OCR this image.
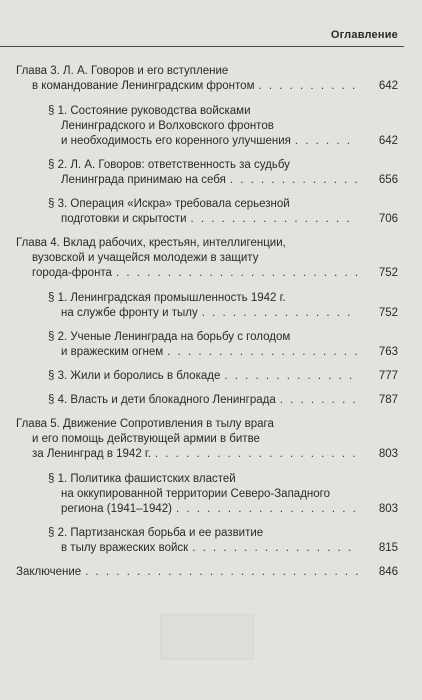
Оглавление
Глава 3. Л. А. Говоров и его вступление
в командование Ленинградским фронтом . . .	642
§ 1. Состояние руководства войсками
Ленинградского и Волховского фронтов
и необходимость его коренного улучшения . . .	642
§ 2. Л. А. Говоров: ответственность за судьбу
Ленинграда принимаю на себя . . .	656
§ 3. Операция «Искра» требовала серьезной
подготовки и скрытости . . .	706
Глава 4. Вклад рабочих, крестьян, интеллигенции,
вузовской и учащейся молодежи в защиту
города-фронта . . .	752
§ 1. Ленинградская промышленность 1942 г.
на службе фронту и тылу . . .	752
§ 2. Ученые Ленинграда на борьбу с голодом
и вражеским огнем . . .	763
§ 3. Жили и боролись в блокаде . . .	777
§ 4. Власть и дети блокадного Ленинграда . . .	787
Глава 5. Движение Сопротивления в тылу врага
и его помощь действующей армии в битве
за Ленинград в 1942 г. . . .	803
§ 1. Политика фашистских властей
на оккупированной территории Северо-Западного
региона (1941–1942) . . .	803
§ 2. Партизанская борьба и ее развитие
в тылу вражеских войск . . .	815
Заключение . . .	846
